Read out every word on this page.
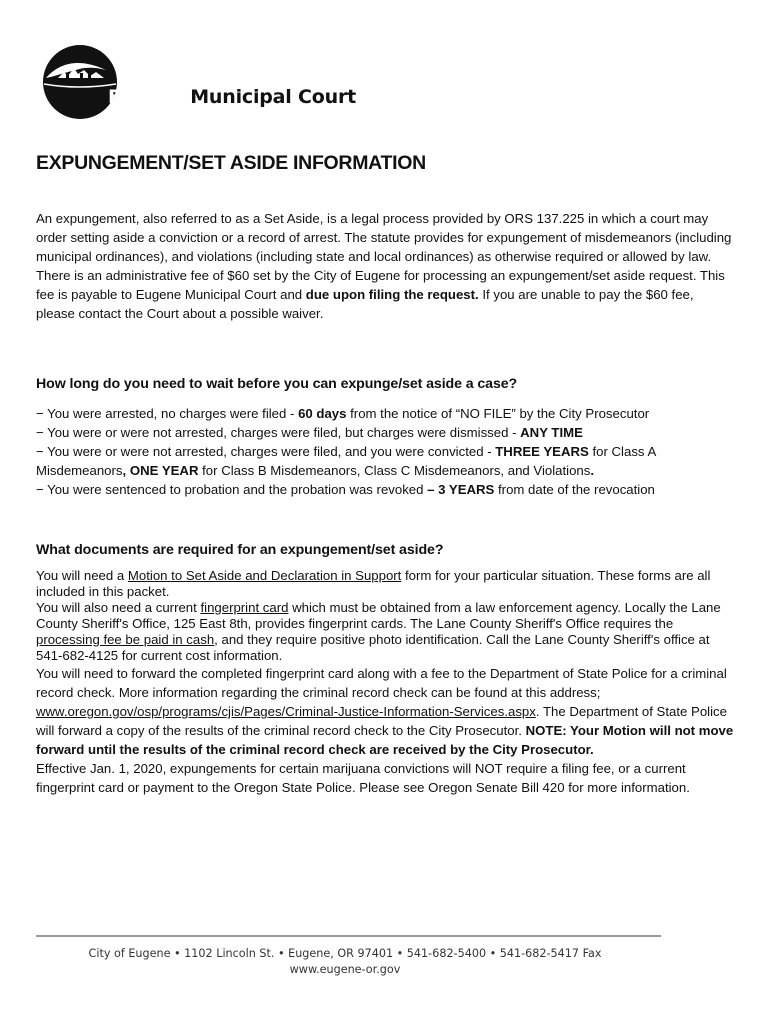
Eugene Municipal Court
EXPUNGEMENT/SET ASIDE INFORMATION

An expungement, also referred to as a Set Aside, is a legal process provided by ORS 137.225 in which a court may order setting aside a conviction or a record of arrest. The statute provides for expungement of misdemeanors (including municipal ordinances), and violations (including state and local ordinances) as otherwise required or allowed by law. There is an administrative fee of $60 set by the City of Eugene for processing an expungement/set aside request. This fee is payable to Eugene Municipal Court and due upon filing the request. If you are unable to pay the $60 fee, please contact the Court about a possible waiver.

How long do you need to wait before you can expunge/set aside a case?

− You were arrested, no charges were filed - 60 days from the notice of “NO FILE” by the City Prosecutor

− You were or were not arrested, charges were filed, but charges were dismissed - ANY TIME

− You were or were not arrested, charges were filed, and you were convicted - THREE YEARS for Class A Misdemeanors, ONE YEAR for Class B Misdemeanors, Class C Misdemeanors, and Violations.

− You were sentenced to probation and the probation was revoked – 3 YEARS from date of the revocation

What documents are required for an expungement/set aside?

You will need a Motion to Set Aside and Declaration in Support form for your particular situation. These forms are all included in this packet.

You will also need a current fingerprint card which must be obtained from a law enforcement agency. Locally the Lane County Sheriff's Office, 125 East 8th, provides fingerprint cards. The Lane County Sheriff's Office requires the processing fee be paid in cash, and they require positive photo identification. Call the Lane County Sheriff's office at 541-682-4125 for current cost information.

You will need to forward the completed fingerprint card along with a fee to the Department of State Police for a criminal record check. More information regarding the criminal record check can be found at this address; www.oregon.gov/osp/programs/cjis/Pages/Criminal-Justice-Information-Services.aspx. The Department of State Police will forward a copy of the results of the criminal record check to the City Prosecutor. NOTE: Your Motion will not move forward until the results of the criminal record check are received by the City Prosecutor.

Effective Jan. 1, 2020, expungements for certain marijuana convictions will NOT require a filing fee, or a current fingerprint card or payment to the Oregon State Police. Please see Oregon Senate Bill 420 for more information.

City of Eugene • 1102 Lincoln St. • Eugene, OR 97401 • 541-682-5400 • 541-682-5417 Fax
www.eugene-or.gov
